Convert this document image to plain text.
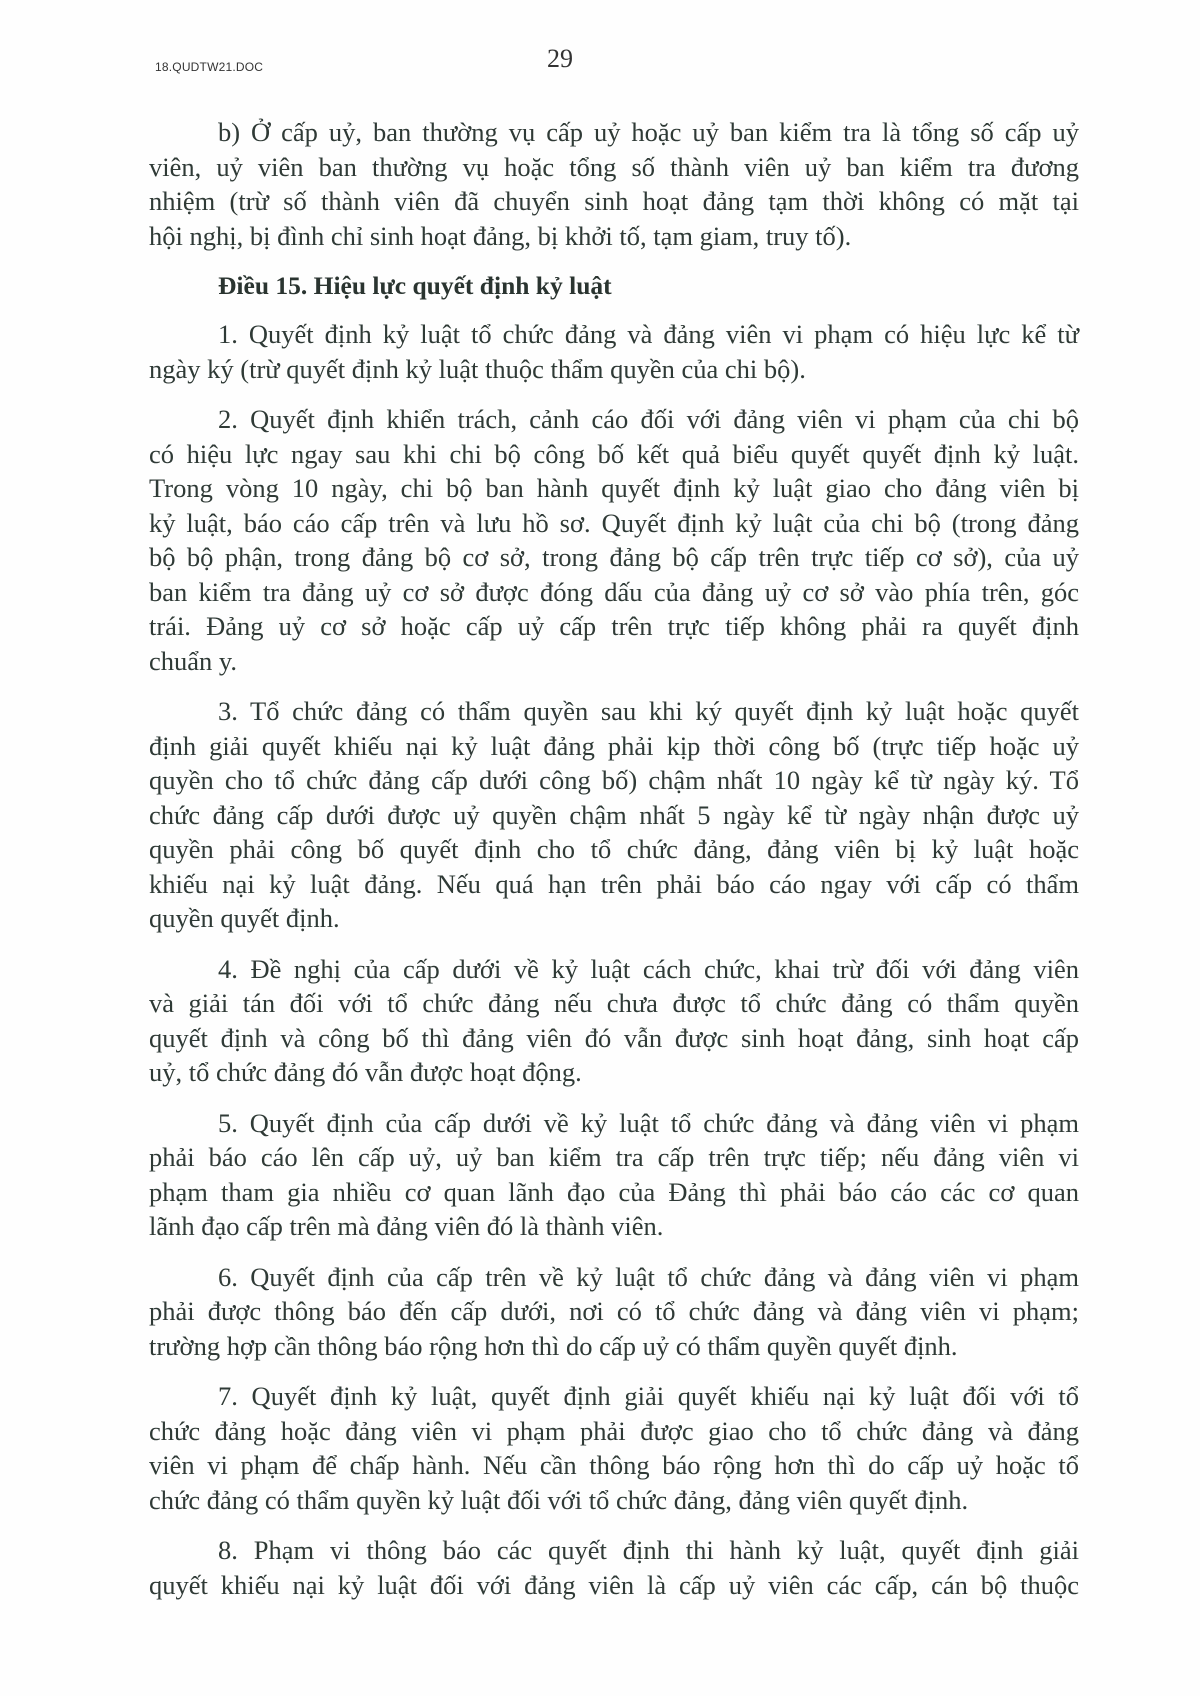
18.QUDTW21.DOC	29

b) Ở cấp uỷ, ban thường vụ cấp uỷ hoặc uỷ ban kiểm tra là tổng số cấp uỷ
viên, uỷ viên ban thường vụ hoặc tổng số thành viên uỷ ban kiểm tra đương
nhiệm (trừ số thành viên đã chuyển sinh hoạt đảng tạm thời không có mặt tại
hội nghị, bị đình chỉ sinh hoạt đảng, bị khởi tố, tạm giam, truy tố).

Điều 15. Hiệu lực quyết định kỷ luật

1. Quyết định kỷ luật tổ chức đảng và đảng viên vi phạm có hiệu lực kể từ
ngày ký (trừ quyết định kỷ luật thuộc thẩm quyền của chi bộ).

2. Quyết định khiển trách, cảnh cáo đối với đảng viên vi phạm của chi bộ
có hiệu lực ngay sau khi chi bộ công bố kết quả biểu quyết quyết định kỷ luật.
Trong vòng 10 ngày, chi bộ ban hành quyết định kỷ luật giao cho đảng viên bị
kỷ luật, báo cáo cấp trên và lưu hồ sơ. Quyết định kỷ luật của chi bộ (trong đảng
bộ bộ phận, trong đảng bộ cơ sở, trong đảng bộ cấp trên trực tiếp cơ sở), của uỷ
ban kiểm tra đảng uỷ cơ sở được đóng dấu của đảng uỷ cơ sở vào phía trên, góc
trái. Đảng uỷ cơ sở hoặc cấp uỷ cấp trên trực tiếp không phải ra quyết định
chuẩn y.

3. Tổ chức đảng có thẩm quyền sau khi ký quyết định kỷ luật hoặc quyết
định giải quyết khiếu nại kỷ luật đảng phải kịp thời công bố (trực tiếp hoặc uỷ
quyền cho tổ chức đảng cấp dưới công bố) chậm nhất 10 ngày kể từ ngày ký. Tổ
chức đảng cấp dưới được uỷ quyền chậm nhất 5 ngày kể từ ngày nhận được uỷ
quyền phải công bố quyết định cho tổ chức đảng, đảng viên bị kỷ luật hoặc
khiếu nại kỷ luật đảng. Nếu quá hạn trên phải báo cáo ngay với cấp có thẩm
quyền quyết định.

4. Đề nghị của cấp dưới về kỷ luật cách chức, khai trừ đối với đảng viên
và giải tán đối với tổ chức đảng nếu chưa được tổ chức đảng có thẩm quyền
quyết định và công bố thì đảng viên đó vẫn được sinh hoạt đảng, sinh hoạt cấp
uỷ, tổ chức đảng đó vẫn được hoạt động.

5. Quyết định của cấp dưới về kỷ luật tổ chức đảng và đảng viên vi phạm
phải báo cáo lên cấp uỷ, uỷ ban kiểm tra cấp trên trực tiếp; nếu đảng viên vi
phạm tham gia nhiều cơ quan lãnh đạo của Đảng thì phải báo cáo các cơ quan
lãnh đạo cấp trên mà đảng viên đó là thành viên.

6. Quyết định của cấp trên về kỷ luật tổ chức đảng và đảng viên vi phạm
phải được thông báo đến cấp dưới, nơi có tổ chức đảng và đảng viên vi phạm;
trường hợp cần thông báo rộng hơn thì do cấp uỷ có thẩm quyền quyết định.

7. Quyết định kỷ luật, quyết định giải quyết khiếu nại kỷ luật đối với tổ
chức đảng hoặc đảng viên vi phạm phải được giao cho tổ chức đảng và đảng
viên vi phạm để chấp hành. Nếu cần thông báo rộng hơn thì do cấp uỷ hoặc tổ
chức đảng có thẩm quyền kỷ luật đối với tổ chức đảng, đảng viên quyết định.

8. Phạm vi thông báo các quyết định thi hành kỷ luật, quyết định giải
quyết khiếu nại kỷ luật đối với đảng viên là cấp uỷ viên các cấp, cán bộ thuộc
